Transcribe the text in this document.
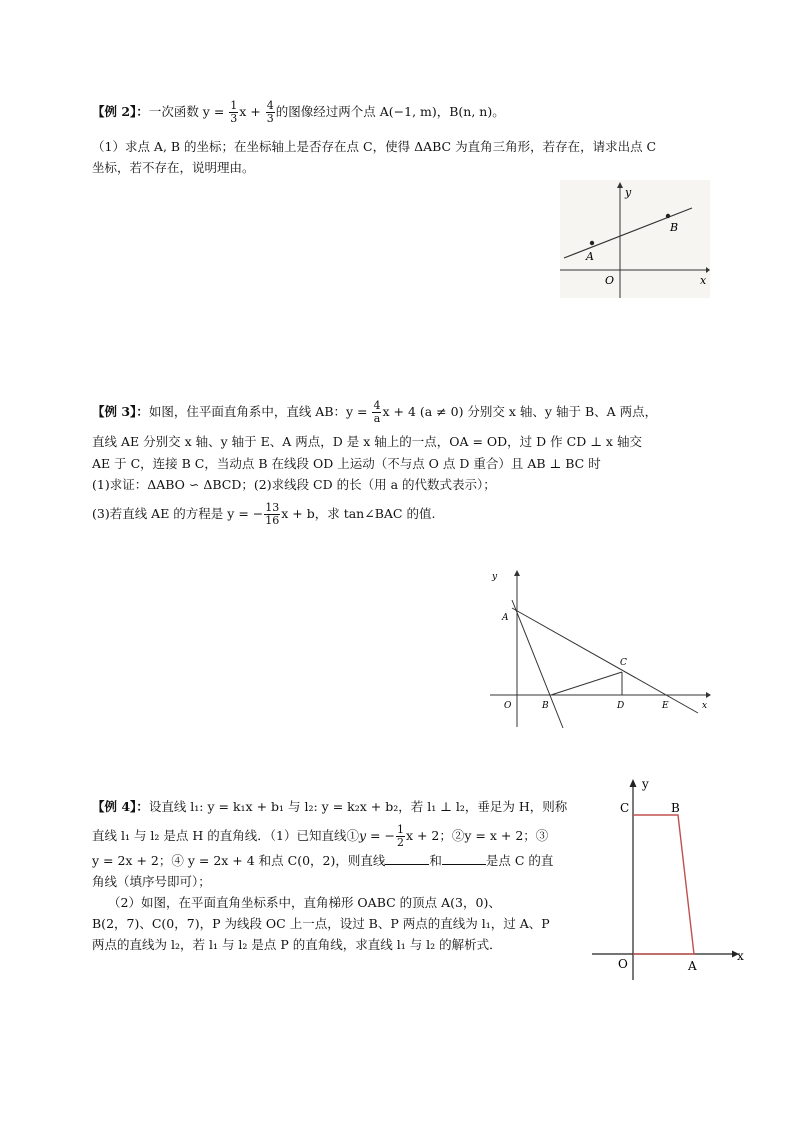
【例 2】：一次函数 $y = \frac{1}{3}$ $x + \frac{4}{3}$ 的图像经过两个点 A(−1, m)，B(n, n)。
（1）求点 A, B 的坐标；在坐标轴上是否存在点 C，使得 ΔABC 为直角三角形，若存在，请求出点 C
坐标，若不存在，说明理由。
x
y
O
A
B
【例 3】：如图，住平面直角系中，直线 AB：$y = \frac{4}{a}$ x + 4 (a ≠ 0) 分别交 x 轴、y 轴于 B、A 两点，
直线 AE 分别交 x 轴、y 轴于 E、A 两点，D 是 x 轴上的一点，OA = OD，过 D 作 CD ⊥ x 轴交
AE 于 C，连接 B C，当动点 B 在线段 OD 上运动（不与点 O 点 D 重合）且 AB ⊥ BC 时
(1)求证：ΔABO ∽ ΔBCD；(2)求线段 CD 的长（用 a 的代数式表示）；
(3)若直线 AE 的方程是 y = − $\frac{13}{16}$ x + b，求 tan∠BAC 的值.
y
x
O
A
B
C
D	E
【例 4】：设直线 l₁: y = k₁x + b₁ 与 l₂: y = k₂x + b₂，若 l₁ ⊥ l₂，垂足为 H，则称
直线 l₁ 与 l₂ 是点 H 的直角线．（1）已知直线①y = − $\frac{1}{2}$ x + 2；②y = x + 2；③
y = 2x + 2；④ y = 2x + 4 和点 C(0，2)，则直线	和	是点 C 的直
角线（填序号即可）；
（2）如图，在平面直角坐标系中，直角梯形 OABC 的顶点 A(3，0)、
B(2，7)、C(0，7)，P 为线段 OC 上一点，设过 B、P 两点的直线为 l₁，过 A、P
两点的直线为 l₂，若 l₁ 与 l₂ 是点 P 的直角线，求直线 l₁ 与 l₂ 的解析式．
y
x
O
C	B
A
